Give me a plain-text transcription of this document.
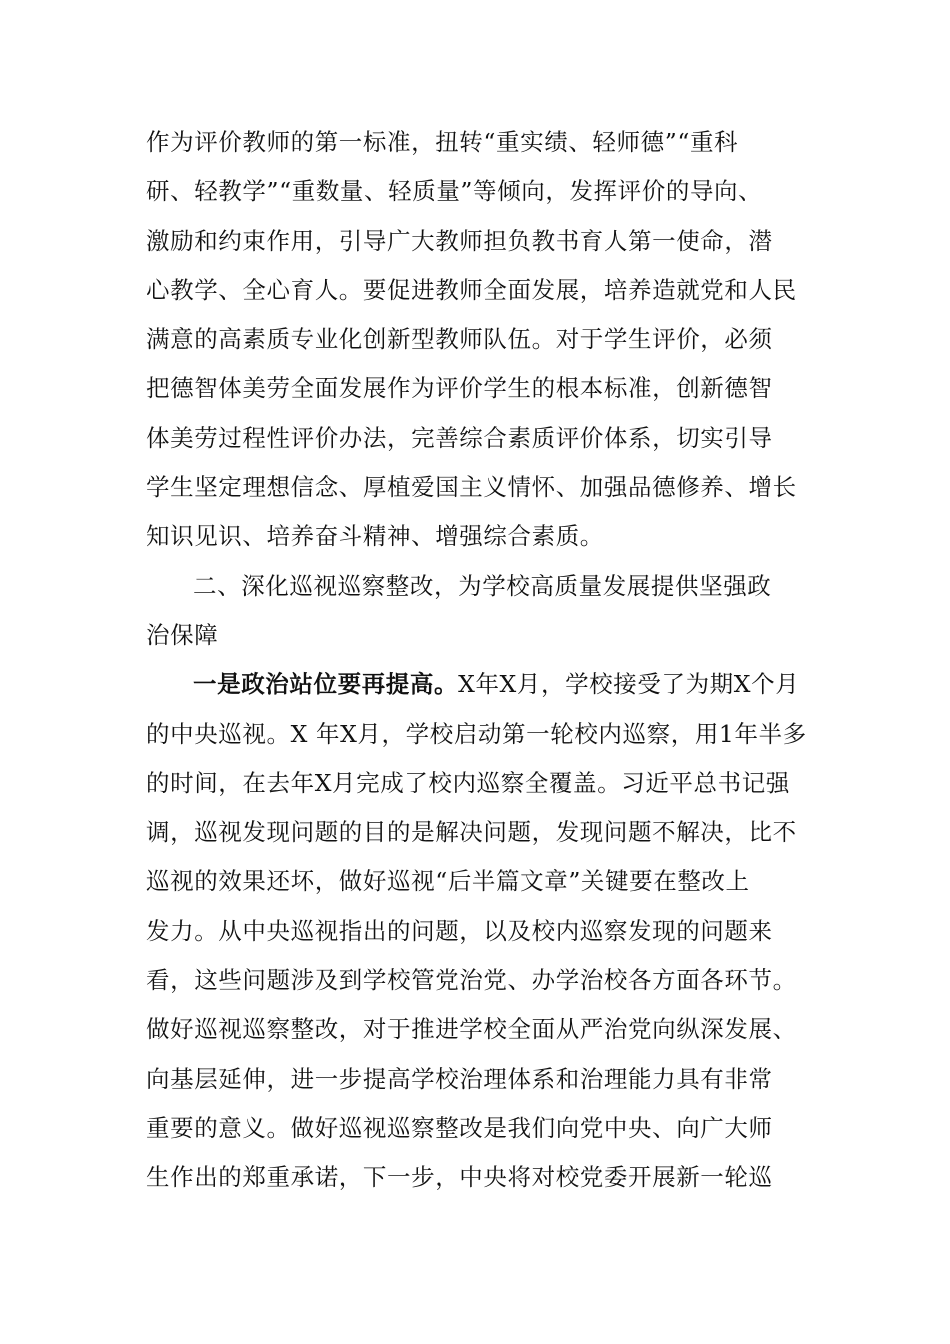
作为评价教师的第一标准，扭转“重实绩、轻师德”“重科
研、轻教学”“重数量、轻质量”等倾向，发挥评价的导向、
激励和约束作用，引导广大教师担负教书育人第一使命，潜
心教学、全心育人。要促进教师全面发展，培养造就党和人民
满意的高素质专业化创新型教师队伍。对于学生评价，必须
把德智体美劳全面发展作为评价学生的根本标准，创新德智
体美劳过程性评价办法，完善综合素质评价体系，切实引导
学生坚定理想信念、厚植爱国主义情怀、加强品德修养、增长
知识见识、培养奋斗精神、增强综合素质。
二、深化巡视巡察整改，为学校高质量发展提供坚强政
治保障
一是政治站位要再提高。X年X月，学校接受了为期X个月
的中央巡视。X 年X月，学校启动第一轮校内巡察，用1年半多
的时间，在去年X月完成了校内巡察全覆盖。习近平总书记强
调，巡视发现问题的目的是解决问题，发现问题不解决，比不
巡视的效果还坏，做好巡视“后半篇文章”关键要在整改上
发力。从中央巡视指出的问题，以及校内巡察发现的问题来
看，这些问题涉及到学校管党治党、办学治校各方面各环节。
做好巡视巡察整改，对于推进学校全面从严治党向纵深发展、
向基层延伸，进一步提高学校治理体系和治理能力具有非常
重要的意义。做好巡视巡察整改是我们向党中央、向广大师
生作出的郑重承诺，下一步，中央将对校党委开展新一轮巡
